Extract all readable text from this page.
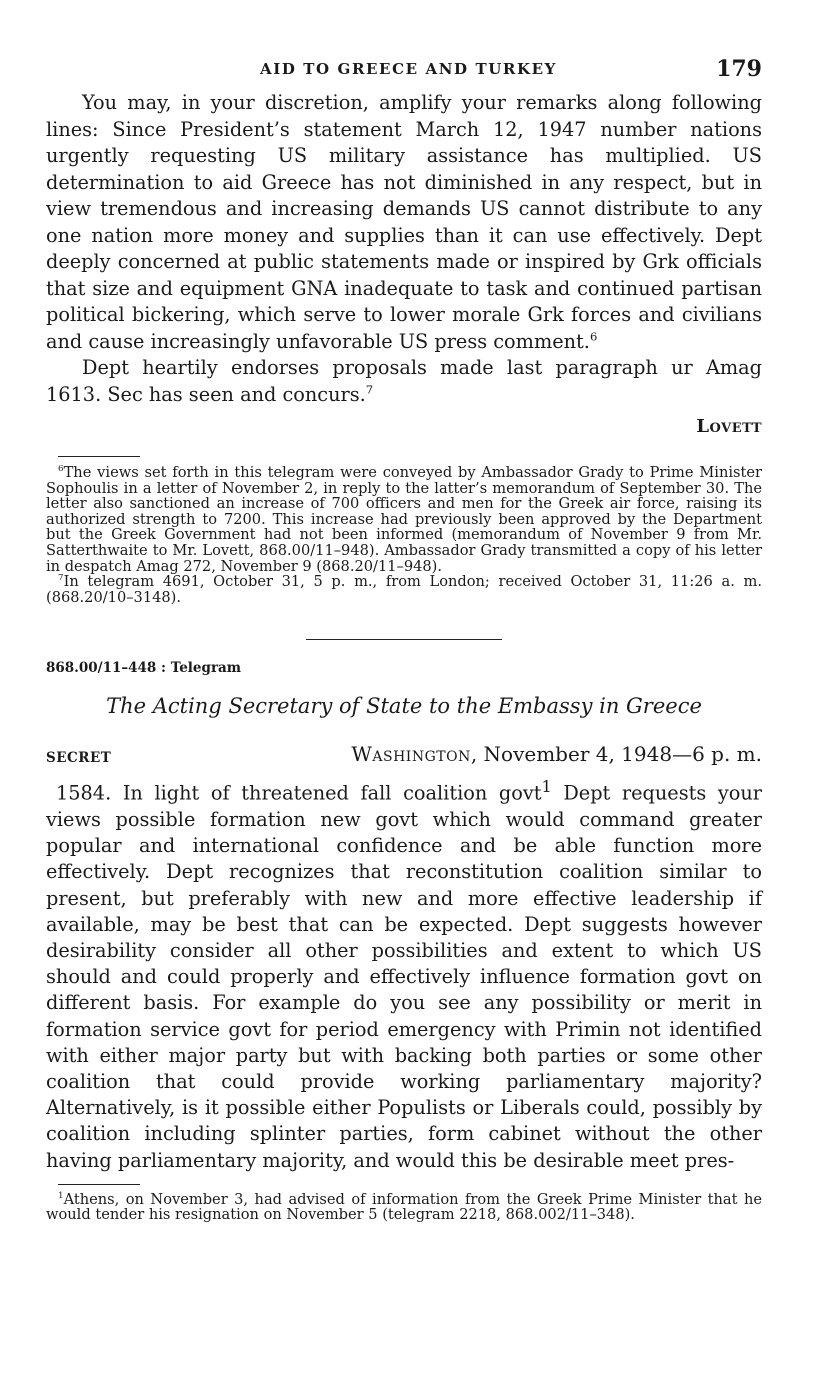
AID TO GREECE AND TURKEY	179

You may, in your discretion, amplify your remarks along following lines: Since President’s statement March 12, 1947 number nations urgently requesting US military assistance has multiplied. US determination to aid Greece has not diminished in any respect, but in view tremendous and increasing demands US cannot distribute to any one nation more money and supplies than it can use effectively. Dept deeply concerned at public statements made or inspired by Grk officials that size and equipment GNA inadequate to task and continued partisan political bickering, which serve to lower morale Grk forces and civilians and cause increasingly unfavorable US press comment.$^6$

Dept heartily endorses proposals made last paragraph ur Amag 1613. Sec has seen and concurs.$^7$

Lovett

$^6$The views set forth in this telegram were conveyed by Ambassador Grady to Prime Minister Sophoulis in a letter of November 2, in reply to the latter’s memorandum of September 30. The letter also sanctioned an increase of 700 officers and men for the Greek air force, raising its authorized strength to 7200. This increase had previously been approved by the Department but the Greek Government had not been informed (memorandum of November 9 from Mr. Satterthwaite to Mr. Lovett, 868.00/11–948). Ambassador Grady transmitted a copy of his letter in despatch Amag 272, November 9 (868.20/11–948).

$^7$In telegram 4691, October 31, 5 p. m., from London; received October 31, 11:26 a. m. (868.20/10–3148).

868.00/11–448 : Telegram
The Acting Secretary of State to the Embassy in Greece
SECRET	Washington, November 4, 1948—6 p. m.

1584. In light of threatened fall coalition govt$^1$ Dept requests your views possible formation new govt which would command greater popular and international confidence and be able function more effectively. Dept recognizes that reconstitution coalition similar to present, but preferably with new and more effective leadership if available, may be best that can be expected. Dept suggests however desirability consider all other possibilities and extent to which US should and could properly and effectively influence formation govt on different basis. For example do you see any possibility or merit in formation service govt for period emergency with Primin not identified with either major party but with backing both parties or some other coalition that could provide working parliamentary majority? Alternatively, is it possible either Populists or Liberals could, possibly by coalition including splinter parties, form cabinet without the other having parliamentary majority, and would this be desirable meet pres-

$^1$Athens, on November 3, had advised of information from the Greek Prime Minister that he would tender his resignation on November 5 (telegram 2218, 868.002/11–348).
